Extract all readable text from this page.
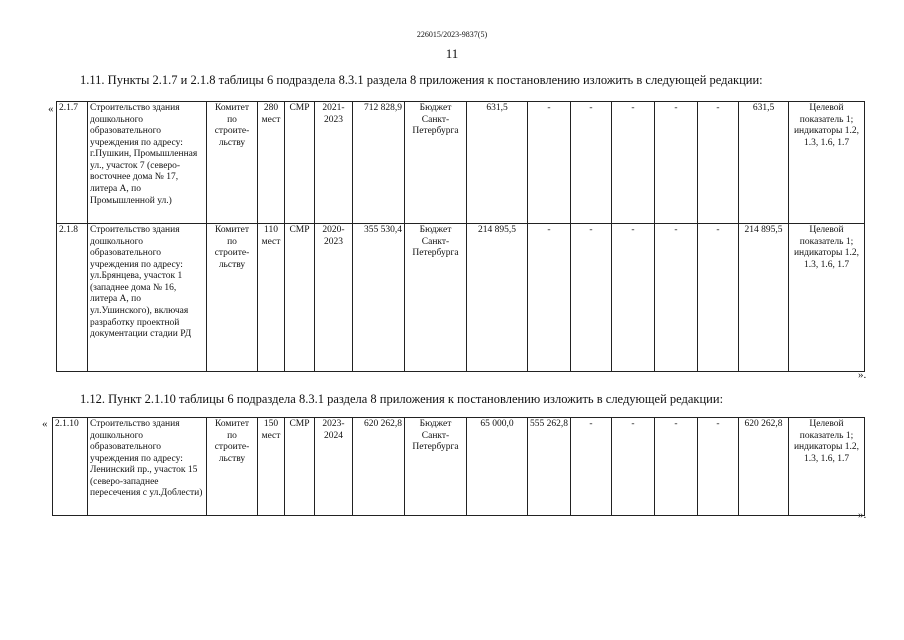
226015/2023-9837(5)
11
1.11. Пункты 2.1.7 и 2.1.8 таблицы 6 подраздела 8.3.1 раздела 8 приложения к постановлению изложить в следующей редакции:
«
».
2.1.7	Строительство здания дошкольного образовательного учреждения по адресу: г.Пушкин, Промышленная ул., участок 7 (северо-восточнее дома № 17, литера А, по Промышленной ул.)	Комитет по строите-льству	280 мест	СМР	2021-2023	712 828,9	Бюджет Санкт-Петербурга	631,5	-	-	-	-	-	631,5	Целевой показатель 1; индикаторы 1.2, 1.3, 1.6, 1.7
2.1.8	Строительство здания дошкольного образовательного учреждения по адресу: ул.Брянцева, участок 1 (западнее дома № 16, литера А, по ул.Ушинского), включая разработку проектной документации стадии РД	Комитет по строите-льству	110 мест	СМР	2020-2023	355 530,4	Бюджет Санкт-Петербурга	214 895,5	-	-	-	-	-	214 895,5	Целевой показатель 1; индикаторы 1.2, 1.3, 1.6, 1.7
1.12. Пункт 2.1.10 таблицы 6 подраздела 8.3.1 раздела 8 приложения к постановлению изложить в следующей редакции:
«
».
2.1.10	Строительство здания дошкольного образовательного учреждения по адресу: Ленинский пр., участок 15 (северо-западнее пересечения с ул.Доблести)	Комитет по строите-льству	150 мест	СМР	2023-2024	620 262,8	Бюджет Санкт-Петербурга	65 000,0	555 262,8	-	-	-	-	620 262,8	Целевой показатель 1; индикаторы 1.2, 1.3, 1.6, 1.7
